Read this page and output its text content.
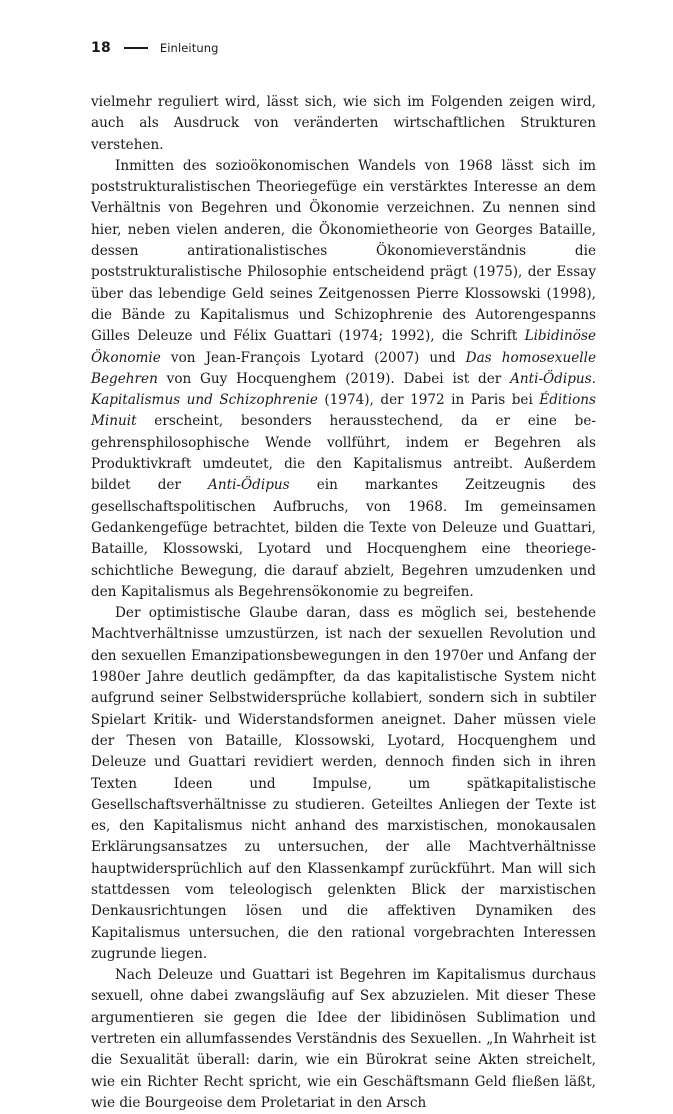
18	Einleitung

vielmehr reguliert wird, lässt sich, wie sich im Folgenden zeigen wird, auch als Ausdruck von veränderten wirtschaftlichen Strukturen verstehen.

Inmitten des sozioökonomischen Wandels von 1968 lässt sich im poststrukturalistischen Theoriegefüge ein verstärktes Interesse an dem Verhältnis von Begehren und Ökonomie verzeichnen. Zu nennen sind hier, neben vielen anderen, die Ökonomietheorie von Georges Bataille, dessen antirationalistisches Ökonomieverständnis die poststrukturalistische Philosophie entscheidend prägt (1975), der Essay über das lebendige Geld seines Zeitgenossen Pierre Klossowski (1998), die Bände zu Kapitalismus und Schizophrenie des Autorengespanns Gilles Deleuze und Félix Guattari (1974; 1992), die Schrift Libidinöse Ökonomie von Jean-François Lyotard (2007) und Das homosexuelle Begehren von Guy Hocquenghem (2019). Dabei ist der Anti-Ödipus. Kapitalismus und Schizophrenie (1974), der 1972 in Paris bei Éditions Minuit erscheint, besonders herausstechend, da er eine begehrensphilosophische Wende vollführt, indem er Begehren als Produktivkraft umdeutet, die den Kapitalismus antreibt. Außerdem bildet der Anti-Ödipus ein markantes Zeitzeugnis des gesellschaftspolitischen Aufbruchs, von 1968. Im gemeinsamen Gedankengefüge betrachtet, bilden die Texte von Deleuze und Guattari, Bataille, Klossowski, Lyotard und Hocquenghem eine theoriegeschichtliche Bewegung, die darauf abzielt, Begehren umzudenken und den Kapitalismus als Begehrensökonomie zu begreifen.

Der optimistische Glaube daran, dass es möglich sei, bestehende Machtverhältnisse umzustürzen, ist nach der sexuellen Revolution und den sexuellen Emanzipationsbewegungen in den 1970er und Anfang der 1980er Jahre deutlich gedämpfter, da das kapitalistische System nicht aufgrund seiner Selbstwidersprüche kollabiert, sondern sich in subtiler Spielart Kritik- und Widerstandsformen aneignet. Daher müssen viele der Thesen von Bataille, Klossowski, Lyotard, Hocquenghem und Deleuze und Guattari revidiert werden, dennoch finden sich in ihren Texten Ideen und Impulse, um spätkapitalistische Gesellschaftsverhältnisse zu studieren. Geteiltes Anliegen der Texte ist es, den Kapitalismus nicht anhand des marxistischen, monokausalen Erklärungsansatzes zu untersuchen, der alle Machtverhältnisse hauptwidersprüchlich auf den Klassenkampf zurückführt. Man will sich stattdessen vom teleologisch gelenkten Blick der marxistischen Denkausrichtungen lösen und die affektiven Dynamiken des Kapitalismus untersuchen, die den rational vorgebrachten Interessen zugrunde liegen.

Nach Deleuze und Guattari ist Begehren im Kapitalismus durchaus sexuell, ohne dabei zwangsläufig auf Sex abzuzielen. Mit dieser These argumentieren sie gegen die Idee der libidinösen Sublimation und vertreten ein allumfassendes Verständnis des Sexuellen. „In Wahrheit ist die Sexualität überall: darin, wie ein Bürokrat seine Akten streichelt, wie ein Richter Recht spricht, wie ein Geschäftsmann Geld fließen läßt, wie die Bourgeoise dem Proletariat in den Arsch
